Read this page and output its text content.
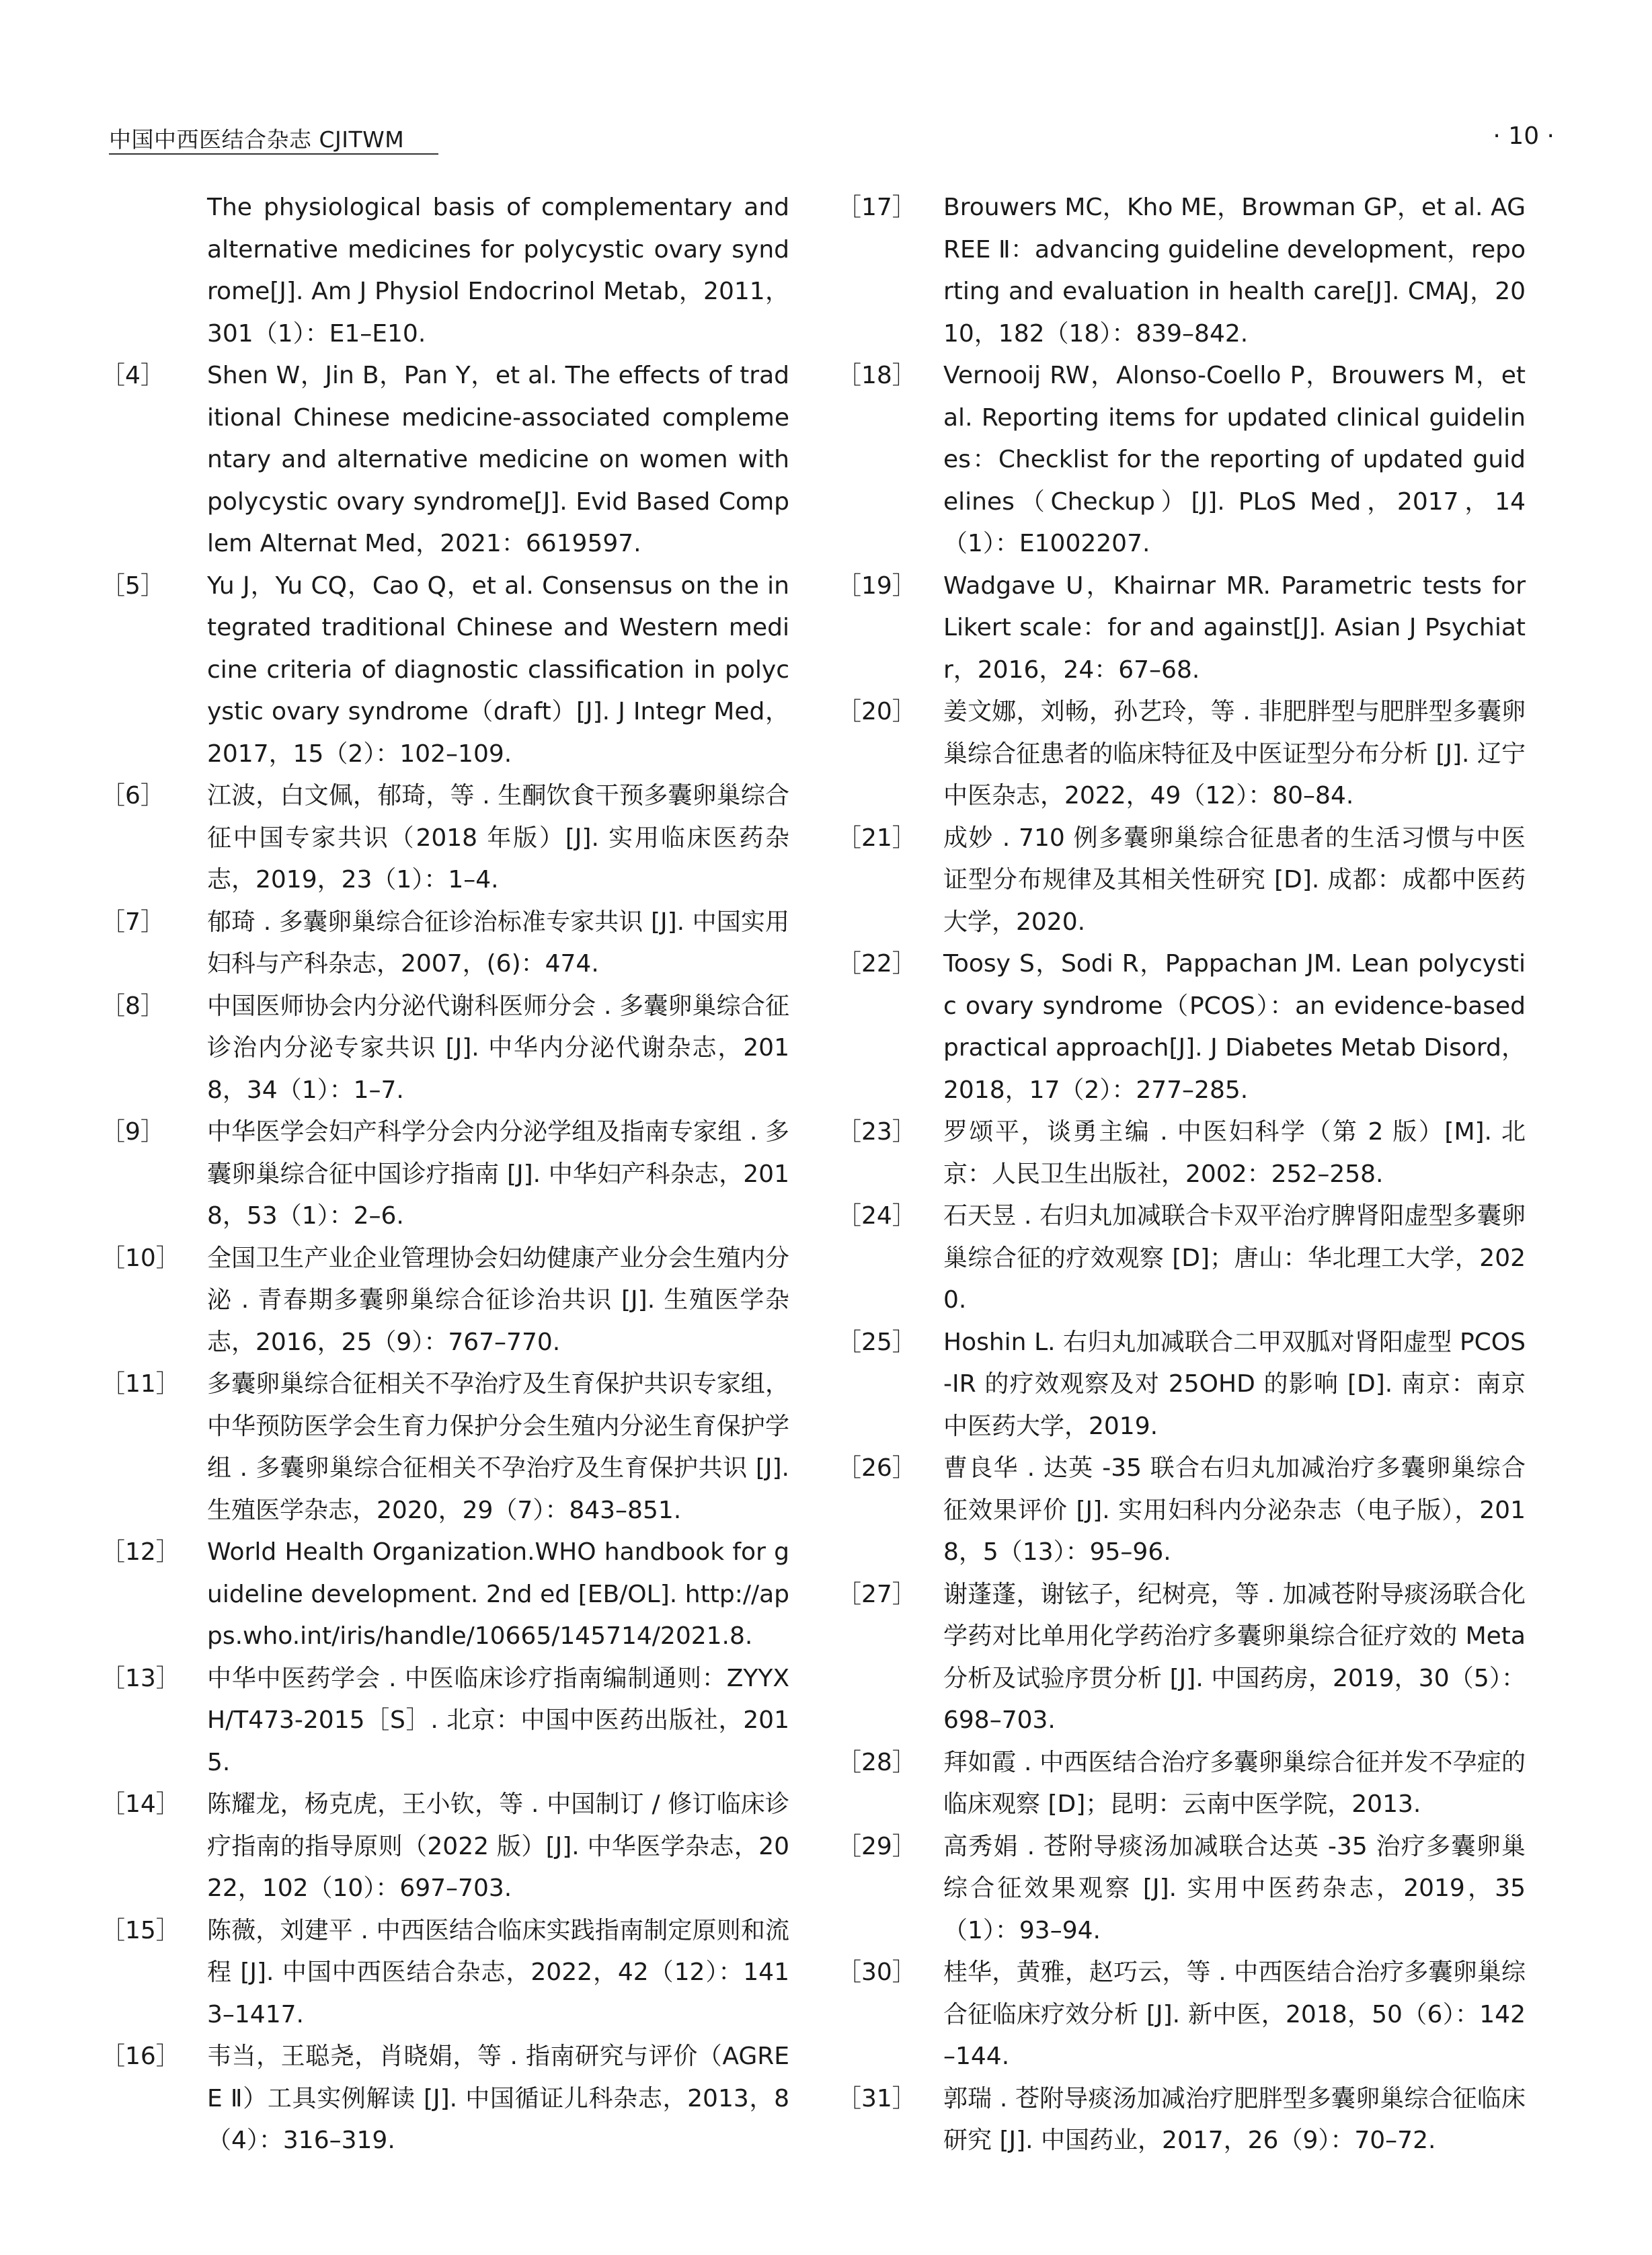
中国中西医结合杂志 CJITWM	· 10 ·
The physiological basis of complementary and alternative medicines for polycystic ovary syndrome[J]. Am J Physiol Endocrinol Metab，2011，301（1）：E1–E10.
［4］ Shen W，Jin B，Pan Y，et al. The effects of traditional Chinese medicine-associated complementary and alternative medicine on women with polycystic ovary syndrome[J]. Evid Based Complem Alternat Med，2021：6619597.
［5］ Yu J，Yu CQ，Cao Q，et al. Consensus on the integrated traditional Chinese and Western medicine criteria of diagnostic classification in polycystic ovary syndrome（draft）[J]. J Integr Med，2017，15（2）：102–109.
［6］ 江波，白文佩，郁琦，等 . 生酮饮食干预多囊卵巢综合征中国专家共识（2018 年版）[J]. 实用临床医药杂志，2019，23（1）：1–4.
［7］ 郁琦 . 多囊卵巢综合征诊治标准专家共识 [J]. 中国实用妇科与产科杂志，2007，(6)：474.
［8］ 中国医师协会内分泌代谢科医师分会 . 多囊卵巢综合征诊治内分泌专家共识 [J]. 中华内分泌代谢杂志，2018，34（1）：1–7.
［9］ 中华医学会妇产科学分会内分泌学组及指南专家组 . 多囊卵巢综合征中国诊疗指南 [J]. 中华妇产科杂志，2018，53（1）：2–6.
［10］ 全国卫生产业企业管理协会妇幼健康产业分会生殖内分泌 . 青春期多囊卵巢综合征诊治共识 [J]. 生殖医学杂志，2016，25（9）：767–770.
［11］ 多囊卵巢综合征相关不孕治疗及生育保护共识专家组，中华预防医学会生育力保护分会生殖内分泌生育保护学组 . 多囊卵巢综合征相关不孕治疗及生育保护共识 [J]. 生殖医学杂志，2020，29（7）：843–851.
［12］ World Health Organization.WHO handbook for guideline development. 2nd ed [EB/OL]. http://apps.who.int/iris/handle/10665/145714/2021.8.
［13］ 中华中医药学会 . 中医临床诊疗指南编制通则：ZYYXH/T473-2015［S］. 北京：中国中医药出版社，2015.
［14］ 陈耀龙，杨克虎，王小钦，等 . 中国制订 / 修订临床诊疗指南的指导原则（2022 版）[J]. 中华医学杂志，2022，102（10）：697–703.
［15］ 陈薇，刘建平 . 中西医结合临床实践指南制定原则和流程 [J]. 中国中西医结合杂志，2022，42（12）：1413–1417.
［16］ 韦当，王聪尧，肖晓娟，等 . 指南研究与评价（AGREE Ⅱ）工具实例解读 [J]. 中国循证儿科杂志，2013，8（4）：316–319.
［17］ Brouwers MC，Kho ME，Browman GP，et al. AGREE Ⅱ：advancing guideline development，reporting and evaluation in health care[J]. CMAJ，2010，182（18）：839–842.
［18］ Vernooij RW，Alonso-Coello P，Brouwers M，et al. Reporting items for updated clinical guidelines：Checklist for the reporting of updated guidelines（Checkup）[J]. PLoS Med，2017，14（1）：E1002207.
［19］ Wadgave U，Khairnar MR. Parametric tests for Likert scale：for and against[J]. Asian J Psychiatr，2016，24：67–68.
［20］ 姜文娜，刘畅，孙艺玲，等 . 非肥胖型与肥胖型多囊卵巢综合征患者的临床特征及中医证型分布分析 [J]. 辽宁中医杂志，2022，49（12）：80–84.
［21］ 成妙 . 710 例多囊卵巢综合征患者的生活习惯与中医证型分布规律及其相关性研究 [D]. 成都：成都中医药大学，2020.
［22］ Toosy S，Sodi R，Pappachan JM. Lean polycystic ovary syndrome（PCOS）：an evidence-based practical approach[J]. J Diabetes Metab Disord，2018，17（2）：277–285.
［23］ 罗颂平，谈勇主编 . 中医妇科学（第 2 版）[M]. 北京：人民卫生出版社，2002：252–258.
［24］ 石天昱 . 右归丸加减联合卡双平治疗脾肾阳虚型多囊卵巢综合征的疗效观察 [D]；唐山：华北理工大学，2020.
［25］ Hoshin L. 右归丸加减联合二甲双胍对肾阳虚型 PCOS-IR 的疗效观察及对 25OHD 的影响 [D]. 南京：南京中医药大学，2019.
［26］ 曹良华 . 达英 -35 联合右归丸加减治疗多囊卵巢综合征效果评价 [J]. 实用妇科内分泌杂志（电子版），2018，5（13）：95–96.
［27］ 谢蓬蓬，谢铉子，纪树亮，等 . 加减苍附导痰汤联合化学药对比单用化学药治疗多囊卵巢综合征疗效的 Meta 分析及试验序贯分析 [J]. 中国药房，2019，30（5）：698–703.
［28］ 拜如霞 . 中西医结合治疗多囊卵巢综合征并发不孕症的临床观察 [D]；昆明：云南中医学院，2013.
［29］ 高秀娟 . 苍附导痰汤加减联合达英 -35 治疗多囊卵巢综合征效果观察 [J]. 实用中医药杂志，2019，35（1）：93–94.
［30］ 桂华，黄雅，赵巧云，等 . 中西医结合治疗多囊卵巢综合征临床疗效分析 [J]. 新中医，2018，50（6）：142–144.
［31］ 郭瑞 . 苍附导痰汤加减治疗肥胖型多囊卵巢综合征临床研究 [J]. 中国药业，2017，26（9）：70–72.
